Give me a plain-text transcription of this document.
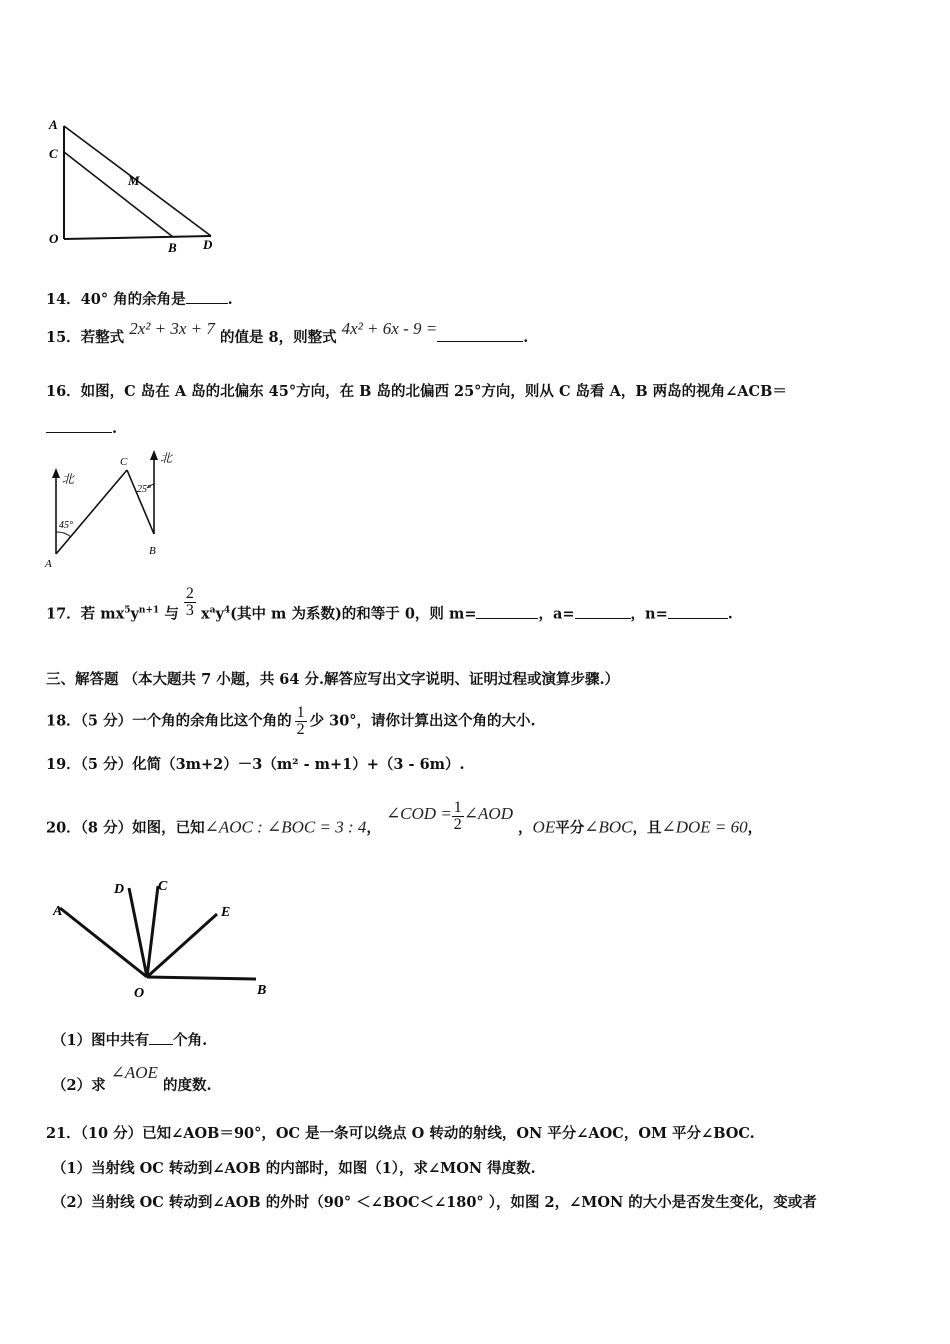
A
C
M
O
B D
14．40° 角的余角是	.
15．若整式 2x² + 3x + 7 的值是 8，则整式 4x² + 6x - 9 =	.
16．如图，C 岛在 A 岛的北偏东 45°方向，在 B 岛的北偏西 25°方向，则从 C 岛看 A，B 两岛的视角∠ACB＝
.
北
北
45°
25°
A
B
C
17．若 $mx^5y^{n+1}$ 与 $\frac{2}{3} x^ay^4$(其中 m 为系数)的和等于 0，则 m=	，a=	，n=	.
三、解答题 （本大题共 7 小题，共 64 分.解答应写出文字说明、证明过程或演算步骤.）
18．（5 分）一个角的余角比这个角的 $\frac{1}{2}$ 少 30°，请你计算出这个角的大小.
19．（5 分）化简（3m+2）－3（m² - m+1）+（3 - 6m）.
20．（8 分）如图，已知∠AOC : ∠BOC = 3 : 4， ∠COD = $\frac{1}{2}$ ∠AOD ，OE平分∠BOC，且∠DOE = 60，
A
D C
E
O	B
（1）图中共有 个角.
（2）求 ∠AOE 的度数.
21．（10 分）已知∠AOB＝90°，OC 是一条可以绕点 O 转动的射线，ON 平分∠AOC，OM 平分∠BOC.
（1）当射线 OC 转动到∠AOB 的内部时，如图（1），求∠MON 得度数.
（2）当射线 OC 转动到∠AOB 的外时（90° ＜∠BOC＜∠180° ），如图 2，∠MON 的大小是否发生变化，变或者
